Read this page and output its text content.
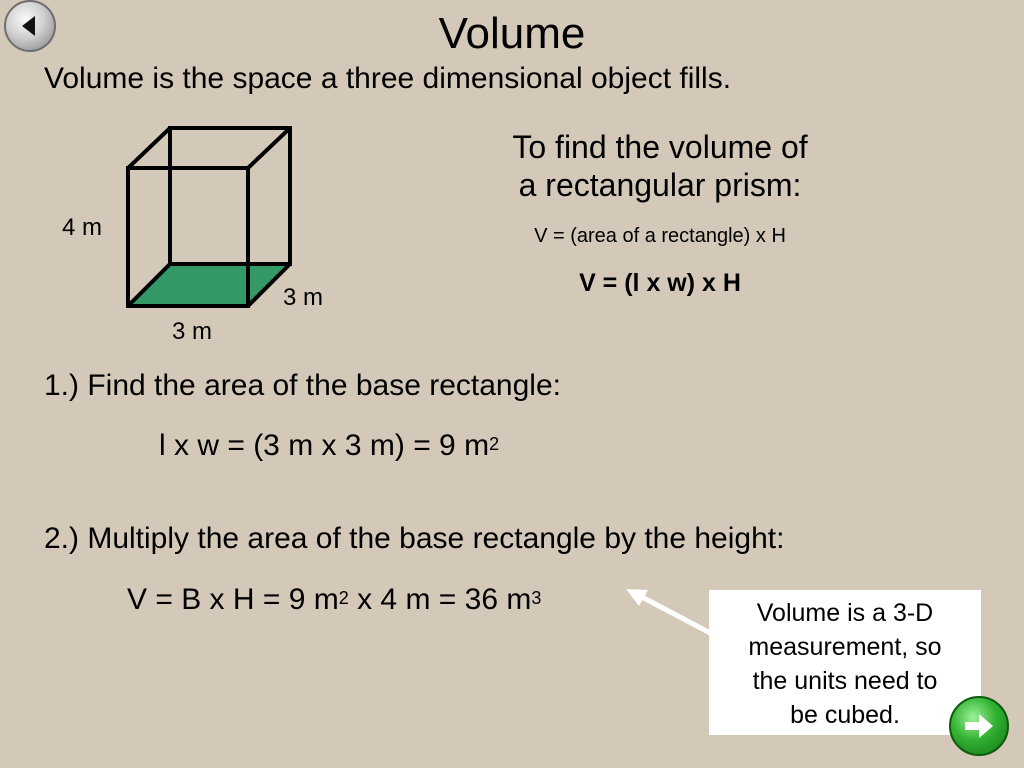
Volume
Volume is the space a three dimensional object fills.
4 m
3 m
3 m
To find the volume of
a rectangular prism:
V = (area of a rectangle) x H
V = (l x w) x H
1.) Find the area of the base rectangle:
l x w = (3 m x 3 m) = 9 $m^2$
2.) Multiply the area of the base rectangle by the height:
V = B x H = 9 $m^2$ x 4 m = 36 $m^3$
Volume is a 3-D
measurement, so
the units need to
be cubed.
